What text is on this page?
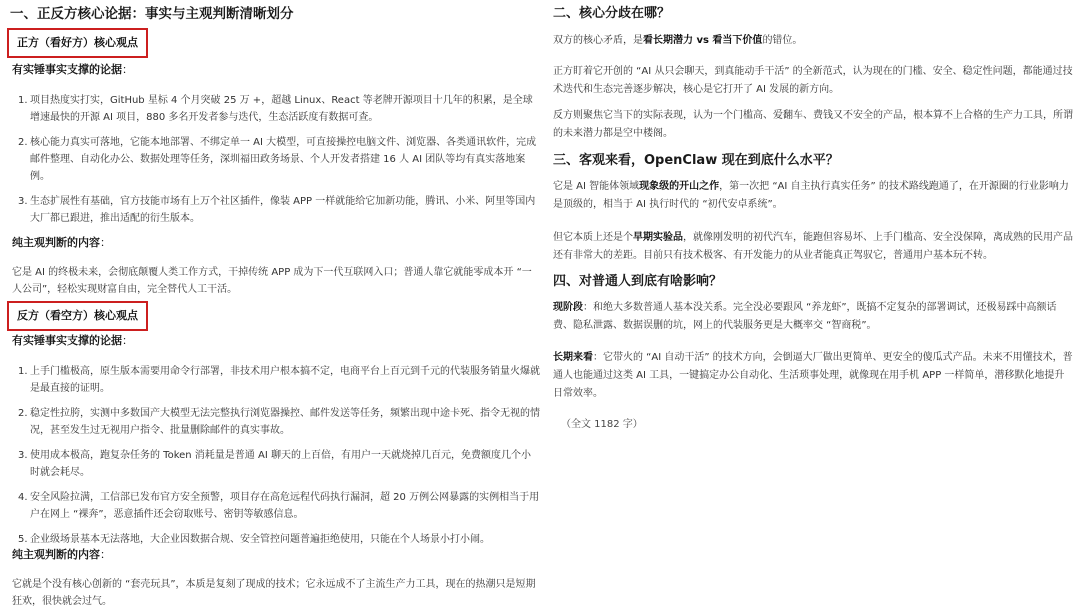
一、正反方核心论据：事实与主观判断清晰划分
正方（看好方）核心观点
有实锤事实支撑的论据：
1. 项目热度实打实，GitHub 星标 4 个月突破 25 万 +，超越 Linux、React 等老牌开源项目十几年的积累，是全球增速最快的开源 AI 项目，880 多名开发者参与迭代，生态活跃度有数据可查。
2. 核心能力真实可落地，它能本地部署、不绑定单一 AI 大模型，可直接操控电脑文件、浏览器、各类通讯软件，完成邮件整理、自动化办公、数据处理等任务，深圳福田政务场景、个人开发者搭建 16 人 AI 团队等均有真实落地案例。
3. 生态扩展性有基础，官方技能市场有上万个社区插件，像装 APP 一样就能给它加新功能，腾讯、小米、阿里等国内大厂都已跟进，推出适配的衍生版本。
纯主观判断的内容：
它是 AI 的终极未来，会彻底颠覆人类工作方式，干掉传统 APP 成为下一代互联网入口；普通人靠它就能零成本开 “一人公司”，轻松实现财富自由，完全替代人工干活。
反方（看空方）核心观点
有实锤事实支撑的论据：
1. 上手门槛极高，原生版本需要用命令行部署，非技术用户根本搞不定，电商平台上百元到千元的代装服务销量火爆就是最直接的证明。
2. 稳定性拉胯，实测中多数国产大模型无法完整执行浏览器操控、邮件发送等任务，频繁出现中途卡死、指令无视的情况，甚至发生过无视用户指令、批量删除邮件的真实事故。
3. 使用成本极高，跑复杂任务的 Token 消耗量是普通 AI 聊天的上百倍，有用户一天就烧掉几百元，免费额度几个小时就会耗尽。
4. 安全风险拉满，工信部已发布官方安全预警，项目存在高危远程代码执行漏洞，超 20 万例公网暴露的实例相当于用户在网上 “裸奔”，恶意插件还会窃取账号、密钥等敏感信息。
5. 企业级场景基本无法落地，大企业因数据合规、安全管控问题普遍拒绝使用，只能在个人场景小打小闹。
纯主观判断的内容：
它就是个没有核心创新的 “套壳玩具”，本质是复刻了现成的技术；它永远成不了主流生产力工具，现在的热潮只是短期狂欢，很快就会过气。
二、核心分歧在哪？
双方的核心矛盾，是看长期潜力 vs 看当下价值的错位。
正方盯着它开创的 “AI 从只会聊天，到真能动手干活” 的全新范式，认为现在的门槛、安全、稳定性问题，都能通过技术迭代和生态完善逐步解决，核心是它打开了 AI 发展的新方向。
反方则聚焦它当下的实际表现，认为一个门槛高、爱翻车、费钱又不安全的产品，根本算不上合格的生产力工具，所谓的未来潜力都是空中楼阁。
三、客观来看，OpenClaw 现在到底什么水平？
它是 AI 智能体领域现象级的开山之作，第一次把 “AI 自主执行真实任务” 的技术路线跑通了，在开源圈的行业影响力是顶级的，相当于 AI 执行时代的 “初代安卓系统”。
但它本质上还是个早期实验品，就像刚发明的初代汽车，能跑但容易坏、上手门槛高、安全没保障，离成熟的民用产品还有非常大的差距。目前只有技术极客、有开发能力的从业者能真正驾驭它，普通用户基本玩不转。
四、对普通人到底有啥影响？
现阶段：和绝大多数普通人基本没关系。完全没必要跟风 “养龙虾”，既搞不定复杂的部署调试，还极易踩中高额话费、隐私泄露、数据误删的坑，网上的代装服务更是大概率交 “智商税”。
长期来看：它带火的 “AI 自动干活” 的技术方向，会倒逼大厂做出更简单、更安全的傻瓜式产品。未来不用懂技术，普通人也能通过这类 AI 工具，一键搞定办公自动化、生活琐事处理，就像现在用手机 APP 一样简单，潜移默化地提升日常效率。
（全文 1182 字）
